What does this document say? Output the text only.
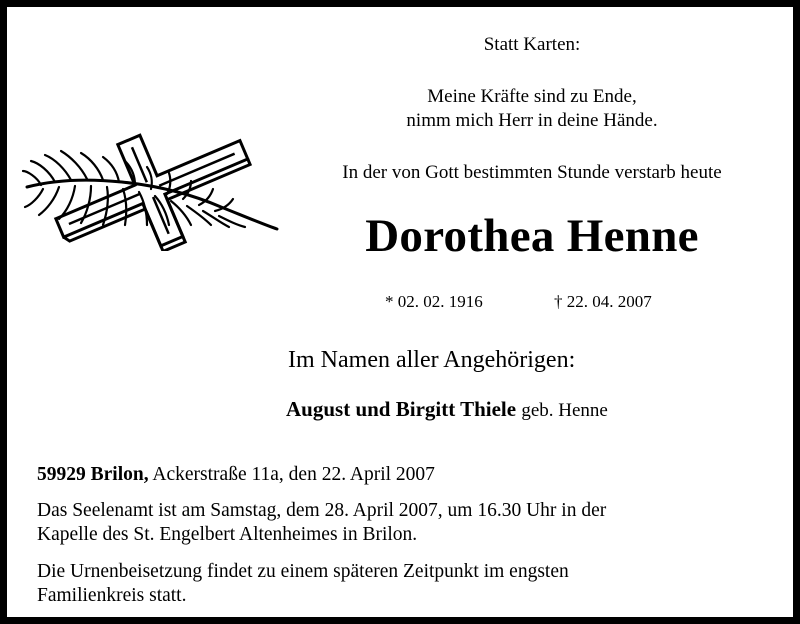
Statt Karten:
Meine Kräfte sind zu Ende,
nimm mich Herr in deine Hände.
In der von Gott bestimmten Stunde verstarb heute
Dorothea Henne
* 02. 02. 1916	† 22. 04. 2007
Im Namen aller Angehörigen:
August und Birgitt Thiele geb. Henne
59929 Brilon, Ackerstraße 11a, den 22. April 2007
Das Seelenamt ist am Samstag, dem 28. April 2007, um 16.30 Uhr in der
Kapelle des St. Engelbert Altenheimes in Brilon.
Die Urnenbeisetzung findet zu einem späteren Zeitpunkt im engsten
Familienkreis statt.
